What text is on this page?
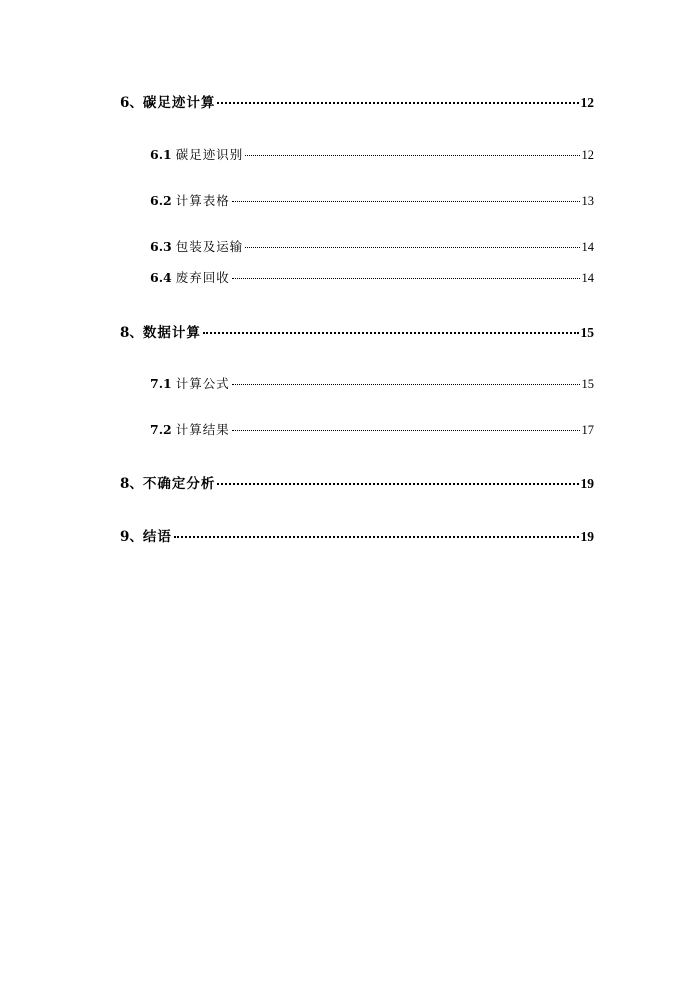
6、 碳足迹计算	12
6.1 碳足迹识别	12
6.2 计算表格	13
6.3 包装及运输	14
6.4 废弃回收	14
8、 数据计算	15
7.1 计算公式	15
7.2 计算结果	17
8、 不确定分析	19
9、 结语	19
